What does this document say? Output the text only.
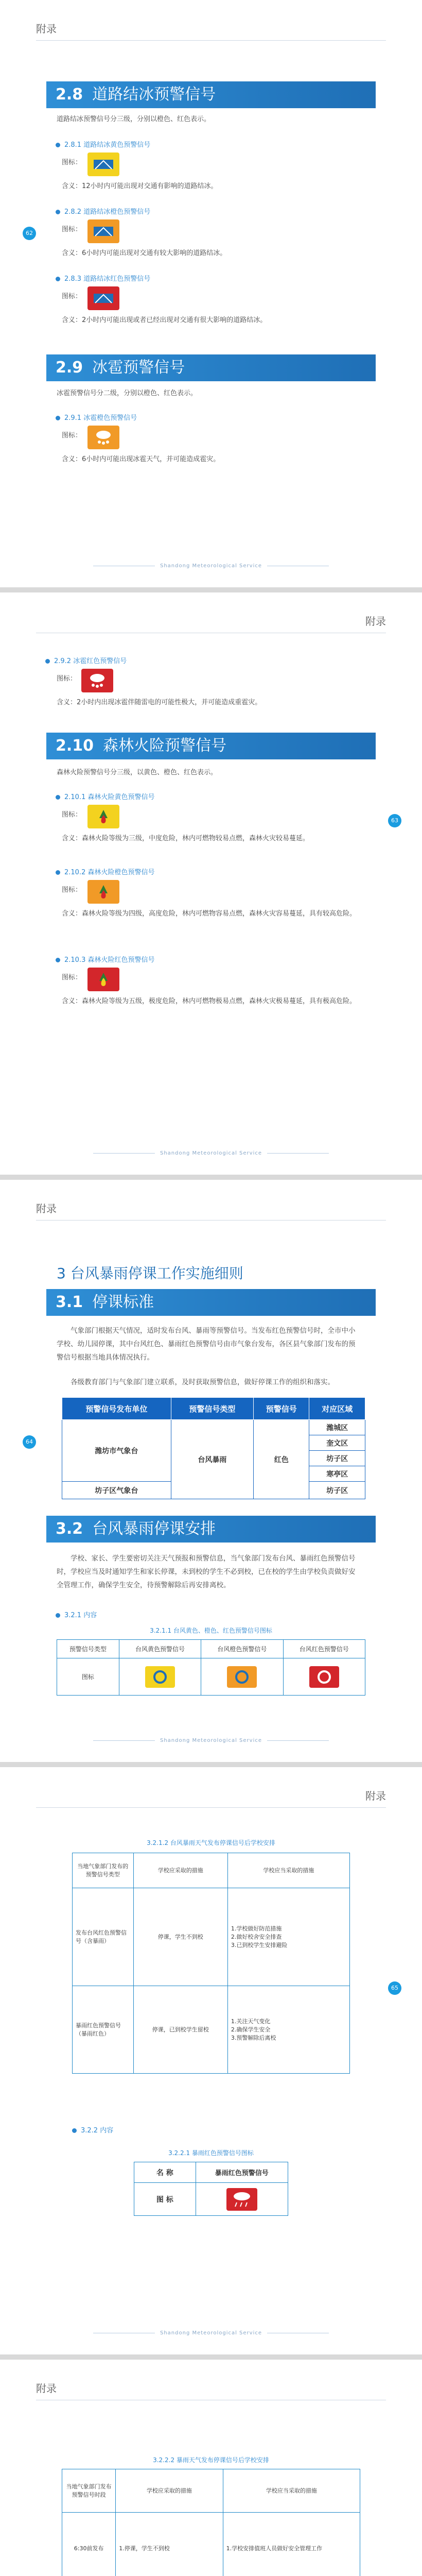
附录
62
2.8 道路结冰预警信号
道路结冰预警信号分三级，分别以橙色、红色表示。
2.8.1 道路结冰黄色预警信号
图标：
含义：12小时内可能出现对交通有影响的道路结冰。
2.8.2 道路结冰橙色预警信号
图标：
含义：6小时内可能出现对交通有较大影响的道路结冰。
2.8.3 道路结冰红色预警信号
图标：
含义：2小时内可能出现或者已经出现对交通有很大影响的道路结冰。
2.9 冰雹预警信号
冰雹预警信号分二级，分别以橙色、红色表示。
2.9.1 冰雹橙色预警信号
图标：
含义：6小时内可能出现冰雹天气，并可能造成雹灾。
Shandong Meteorological Service
附录
63
2.9.2 冰雹红色预警信号
图标：
含义：2小时内出现冰雹伴随雷电的可能性极大，并可能造成重雹灾。
2.10 森林火险预警信号
森林火险预警信号分三级，以黄色、橙色、红色表示。
2.10.1 森林火险黄色预警信号
图标：
含义：森林火险等级为三级，中度危险，林内可燃物较易点燃，森林火灾较易蔓延。
2.10.2 森林火险橙色预警信号
图标：
含义：森林火险等级为四级，高度危险，林内可燃物容易点燃，森林火灾容易蔓延，具有较高危险。
2.10.3 森林火险红色预警信号
图标：
含义：森林火险等级为五级，极度危险，林内可燃物极易点燃，森林火灾极易蔓延，具有极高危险。
Shandong Meteorological Service
附录
64
3 台风暴雨停课工作实施细则
3.1 停课标准
气象部门根据天气情况，适时发布台风、暴雨等预警信号。当发布红色预警信号时，全市中小学校、幼儿园停课，其中台风红色、暴雨红色预警信号由市气象台发布，各区县气象部门发布的预警信号根据当地具体情况执行。
各级教育部门与气象部门建立联系，及时获取预警信息，做好停课工作的组织和落实。
预警信号发布单位	预警信号类型	预警信号	对应区域
潍坊市气象台	台风暴雨	红色	潍城区
			奎文区
			坊子区
			寒亭区
坊子区气象台			坊子区
3.2 台风暴雨停课安排
学校、家长、学生要密切关注天气预报和预警信息，当气象部门发布台风、暴雨红色预警信号时，学校应当及时通知学生和家长停课，未到校的学生不必到校，已在校的学生由学校负责做好安全管理工作，确保学生安全，待预警解除后再安排离校。
3.2.1 内容
3.2.1.1 台风黄色、橙色、红色预警信号图标
预警信号类型	台风黄色预警信号	台风橙色预警信号	台风红色预警信号
图标			
Shandong Meteorological Service
附录
65
3.2.1.2 台风暴雨天气发布停课信号后学校安排
当地气象部门发布的预警信号类型	学校应采取的措施	学校应当采取的措施
发布台风红色预警信号（含暴雨）	停课，学生不到校	1.学校做好防范措施
2.做好校舍安全排查
3.已到校学生安排避险

暴雨红色预警信号（暴雨红色）	停课，已到校学生留校	1.关注天气变化
2.确保学生安全
3.预警解除后离校
3.2.2 内容
3.2.2.1 暴雨红色预警信号图标
名 称	暴雨红色预警信号
图 标	
Shandong Meteorological Service
附录
3.2.2.2 暴雨天气发布停课信号后学校安排
当地气象部门发布预警信号时段	学校应采取的措施	学校应当采取的措施
6:30前发布	1.停课，学生不到校	1.学校安排值班人员做好安全管理工作
